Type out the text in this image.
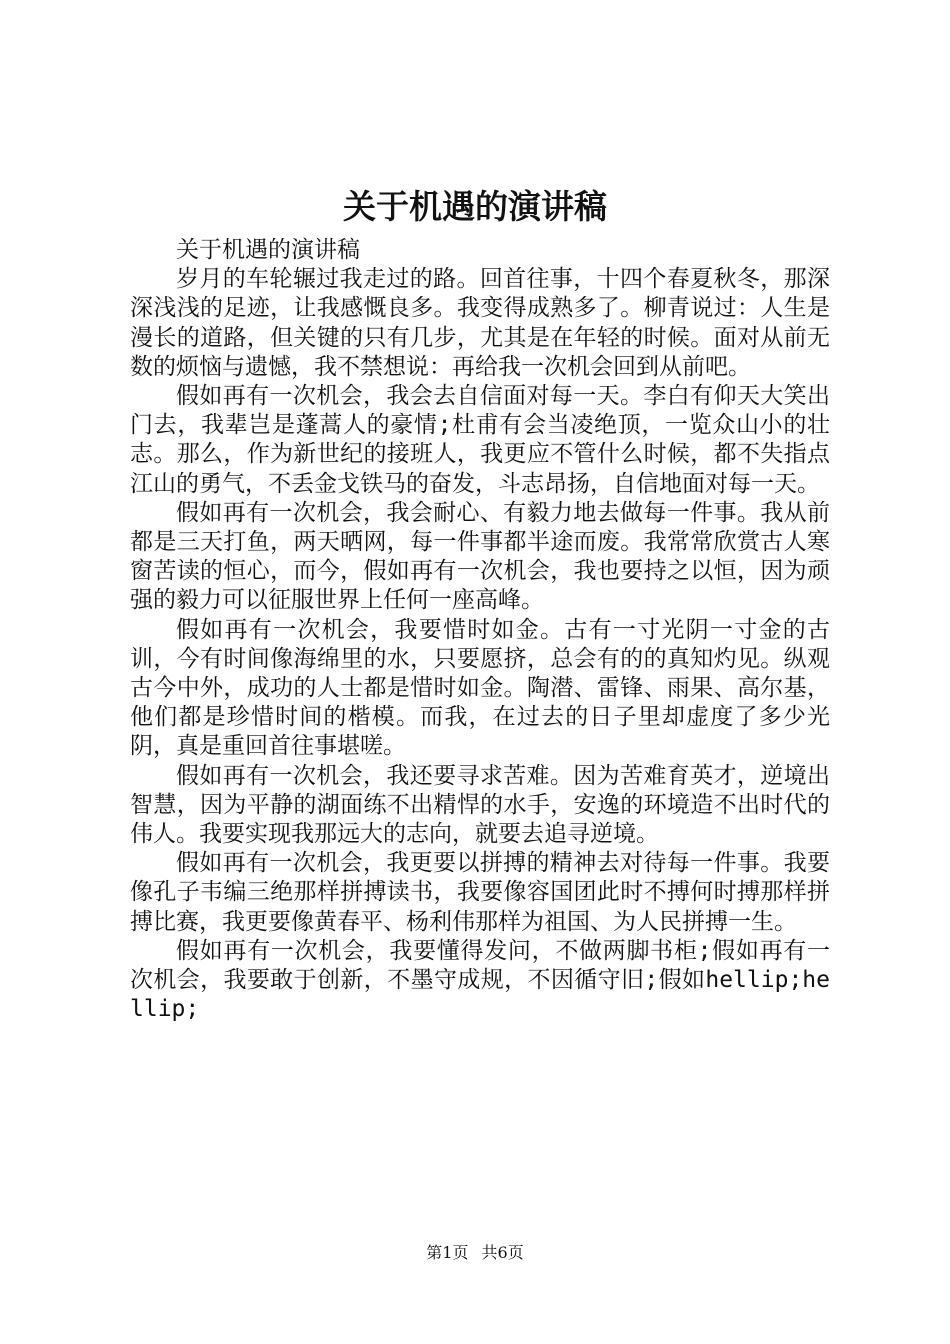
关于机遇的演讲稿

关于机遇的演讲稿

岁月的车轮辗过我走过的路。回首往事，十四个春夏秋冬，那深深浅浅的足迹，让我感慨良多。我变得成熟多了。柳青说过：人生是漫长的道路，但关键的只有几步，尤其是在年轻的时候。面对从前无数的烦恼与遗憾，我不禁想说：再给我一次机会回到从前吧。

假如再有一次机会，我会去自信面对每一天。李白有仰天大笑出门去，我辈岂是蓬蒿人的豪情;杜甫有会当凌绝顶，一览众山小的壮志。那么，作为新世纪的接班人，我更应不管什么时候，都不失指点江山的勇气，不丢金戈铁马的奋发，斗志昂扬，自信地面对每一天。

假如再有一次机会，我会耐心、有毅力地去做每一件事。我从前都是三天打鱼，两天晒网，每一件事都半途而废。我常常欣赏古人寒窗苦读的恒心，而今，假如再有一次机会，我也要持之以恒，因为顽强的毅力可以征服世界上任何一座高峰。

假如再有一次机会，我要惜时如金。古有一寸光阴一寸金的古训，今有时间像海绵里的水，只要愿挤，总会有的的真知灼见。纵观古今中外，成功的人士都是惜时如金。陶潜、雷锋、雨果、高尔基，他们都是珍惜时间的楷模。而我，在过去的日子里却虚度了多少光阴，真是重回首往事堪嗟。

假如再有一次机会，我还要寻求苦难。因为苦难育英才，逆境出智慧，因为平静的湖面练不出精悍的水手，安逸的环境造不出时代的伟人。我要实现我那远大的志向，就要去追寻逆境。

假如再有一次机会，我更要以拼搏的精神去对待每一件事。我要像孔子韦编三绝那样拼搏读书，我要像容国团此时不搏何时搏那样拼搏比赛，我更要像黄春平、杨利伟那样为祖国、为人民拼搏一生。

假如再有一次机会，我要懂得发问，不做两脚书柜;假如再有一次机会，我要敢于创新，不墨守成规，不因循守旧;假如hellip;hellip;

第1页 共6页
